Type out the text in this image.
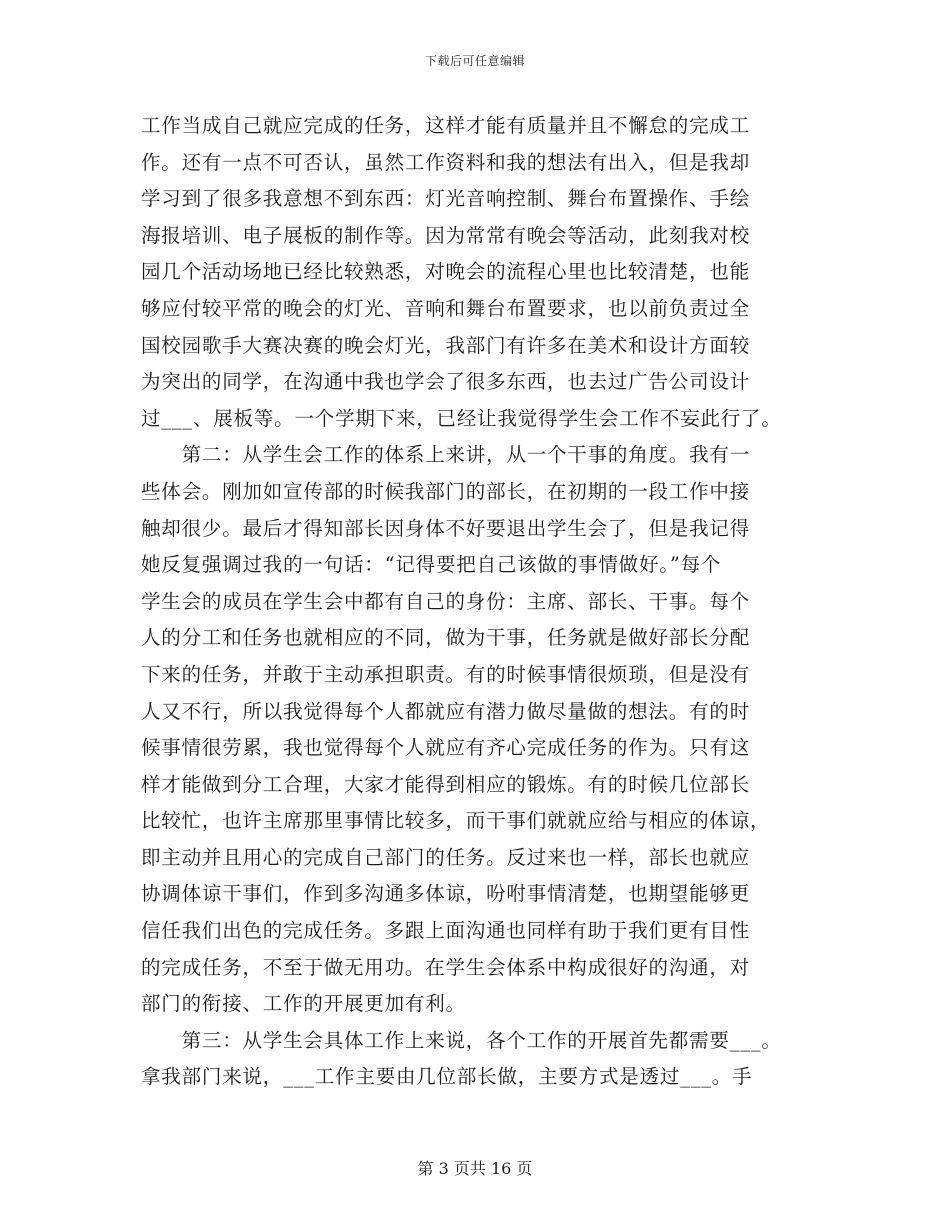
下载后可任意编辑
工作当成自己就应完成的任务，这样才能有质量并且不懈怠的完成工
作。还有一点不可否认，虽然工作资料和我的想法有出入，但是我却
学习到了很多我意想不到东西：灯光音响控制、舞台布置操作、手绘
海报培训、电子展板的制作等。因为常常有晚会等活动，此刻我对校
园几个活动场地已经比较熟悉，对晚会的流程心里也比较清楚，也能
够应付较平常的晚会的灯光、音响和舞台布置要求，也以前负责过全
国校园歌手大赛决赛的晚会灯光，我部门有许多在美术和设计方面较
为突出的同学，在沟通中我也学会了很多东西，也去过广告公司设计
过___、展板等。一个学期下来，已经让我觉得学生会工作不妄此行了。
　　第二：从学生会工作的体系上来讲，从一个干事的角度。我有一
些体会。刚加如宣传部的时候我部门的部长，在初期的一段工作中接
触却很少。最后才得知部长因身体不好要退出学生会了，但是我记得
她反复强调过我的一句话：“记得要把自己该做的事情做好。”每个
学生会的成员在学生会中都有自己的身份：主席、部长、干事。每个
人的分工和任务也就相应的不同，做为干事，任务就是做好部长分配
下来的任务，并敢于主动承担职责。有的时候事情很烦琐，但是没有
人又不行，所以我觉得每个人都就应有潜力做尽量做的想法。有的时
候事情很劳累，我也觉得每个人就应有齐心完成任务的作为。只有这
样才能做到分工合理，大家才能得到相应的锻炼。有的时候几位部长
比较忙，也许主席那里事情比较多，而干事们就就应给与相应的体谅，
即主动并且用心的完成自己部门的任务。反过来也一样，部长也就应
协调体谅干事们，作到多沟通多体谅，吩咐事情清楚，也期望能够更
信任我们出色的完成任务。多跟上面沟通也同样有助于我们更有目性
的完成任务，不至于做无用功。在学生会体系中构成很好的沟通，对
部门的衔接、工作的开展更加有利。
　　第三：从学生会具体工作上来说，各个工作的开展首先都需要___。
拿我部门来说，___工作主要由几位部长做，主要方式是透过___。手
第 3 页共 16 页
